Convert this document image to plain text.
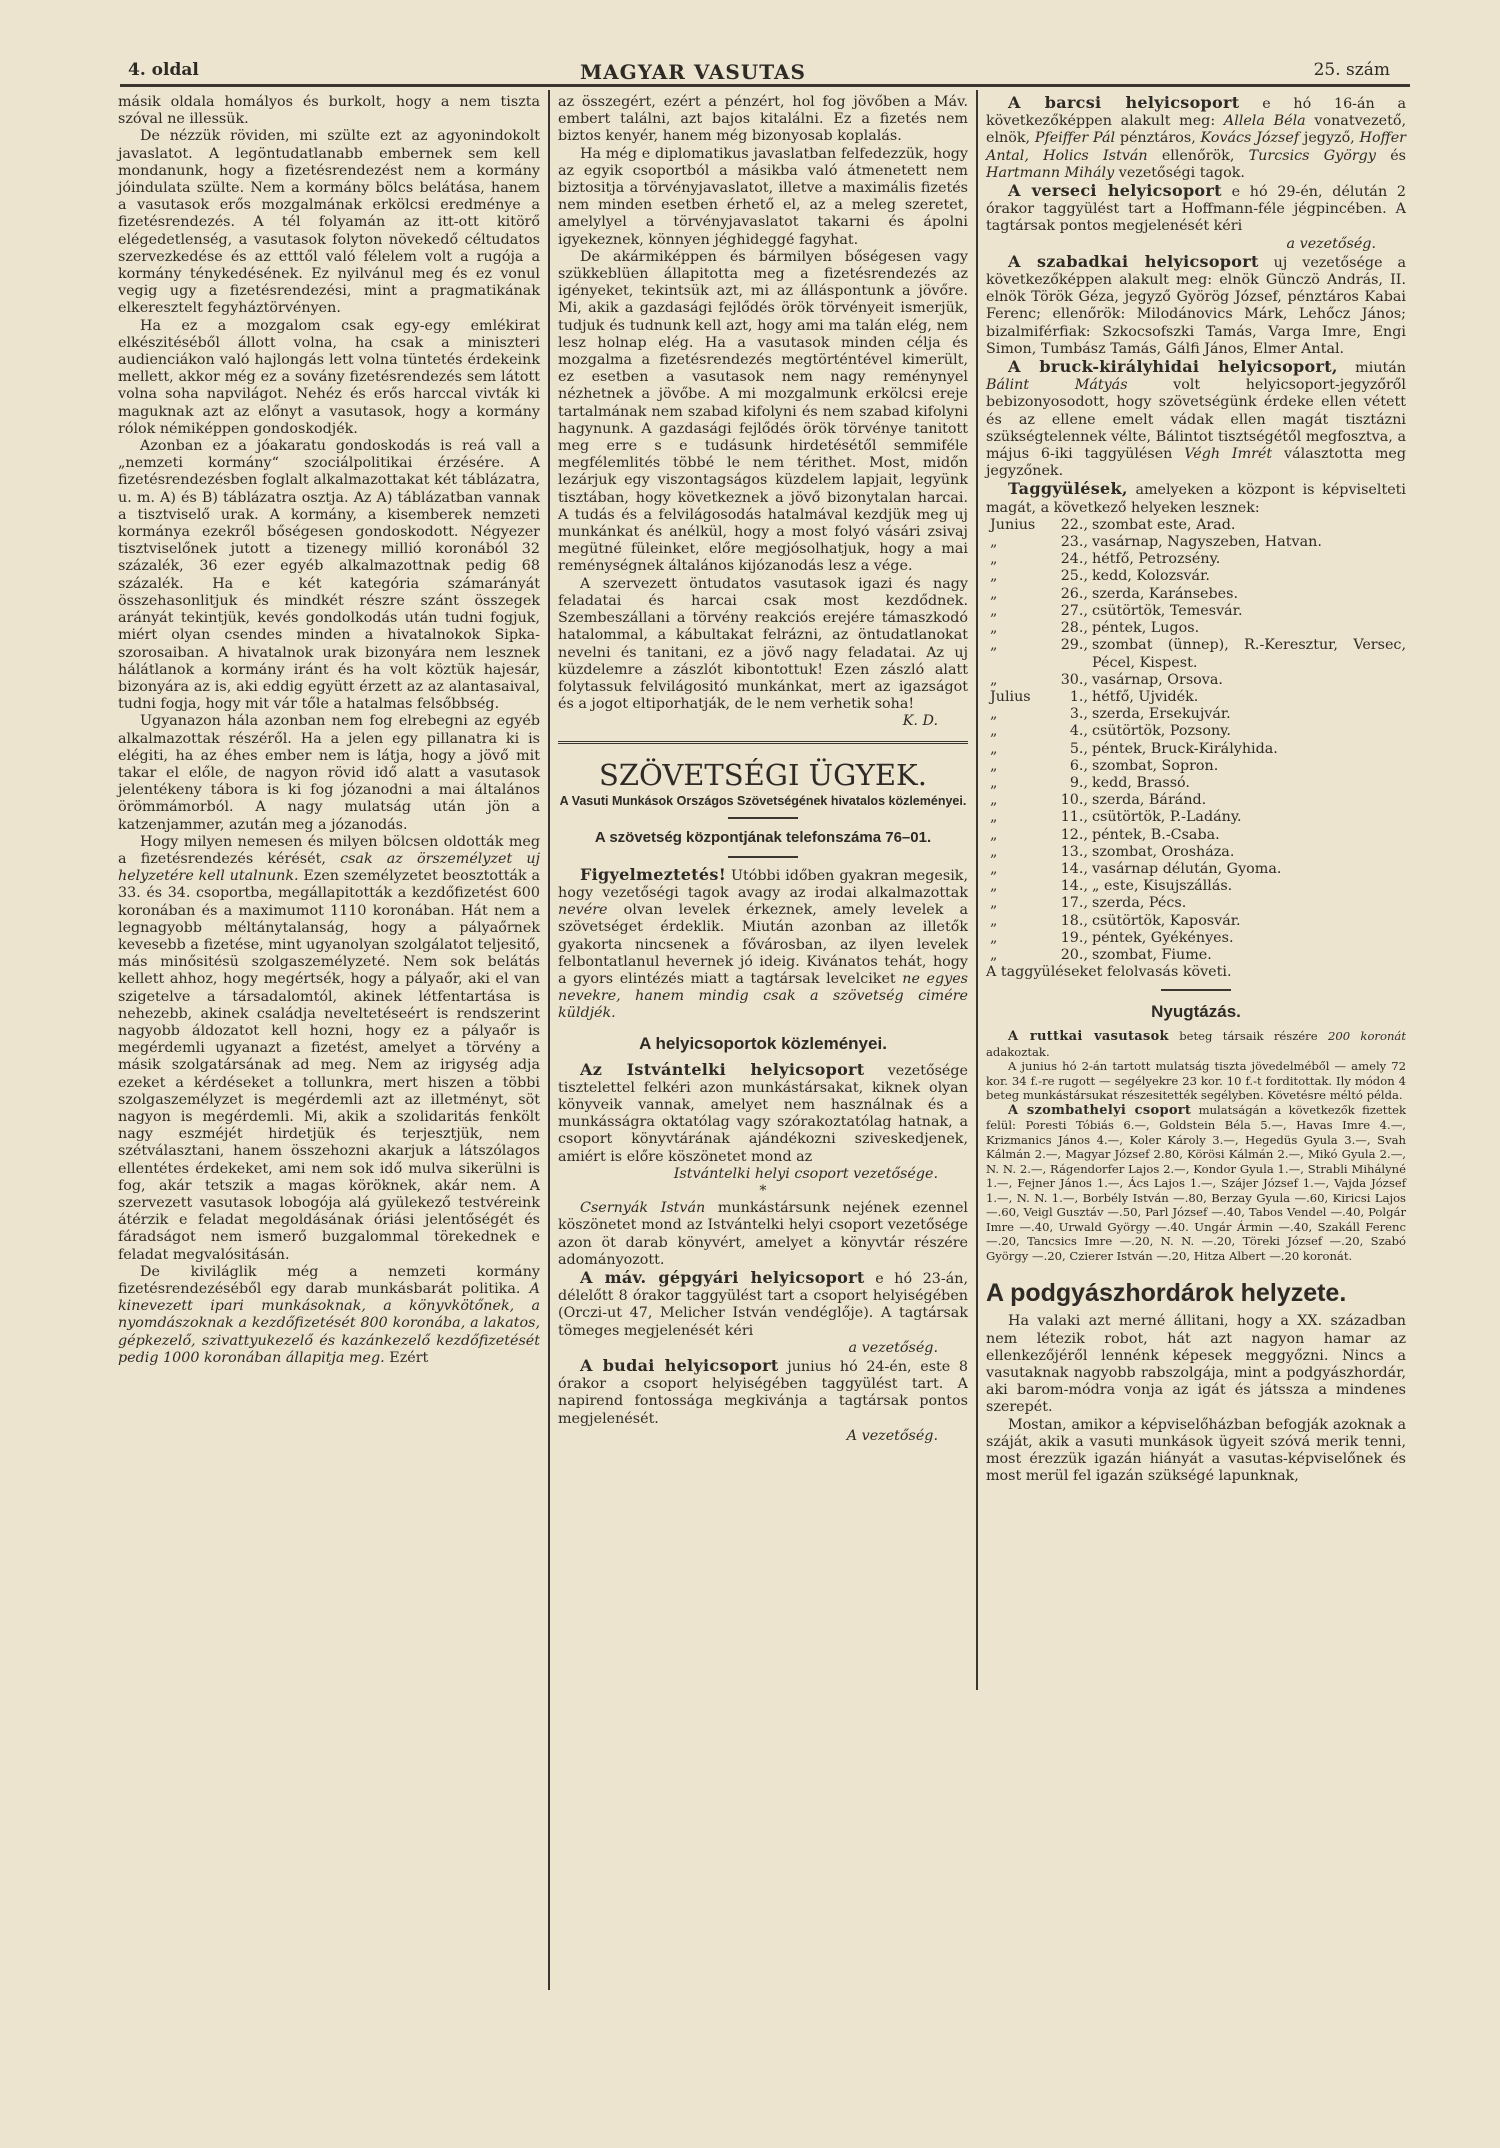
4. oldal	MAGYAR VASUTAS	25. szám

másik oldala homályos és burkolt, hogy a nem tiszta szóval ne illessük.

De nézzük röviden, mi szülte ezt az agyonindokolt javaslatot. A legöntudatlanabb embernek sem kell mondanunk, hogy a fizetésrendezést nem a kormány jóindulata szülte. Nem a kormány bölcs belátása, hanem a vasutasok erős mozgalmának erkölcsi eredménye a fizetésrendezés. A tél folyamán az itt-ott kitörő elégedetlenség, a vasutasok folyton növekedő céltudatos szervezkedése és az etttől való félelem volt a rugója a kormány ténykedésének. Ez nyilvánul meg és ez vonul vegig ugy a fizetésrendezési, mint a pragmatikának elkeresztelt fegyháztörvényen.

Ha ez a mozgalom csak egy-egy emlékirat elkészitéséből állott volna, ha csak a miniszteri audienciákon való hajlongás lett volna tüntetés érdekeink mellett, akkor még ez a sovány fizetésrendezés sem látott volna soha napvilágot. Nehéz és erős harccal vivták ki maguknak azt az előnyt a vasutasok, hogy a kormány rólok némiképpen gondoskodjék.

Azonban ez a jóakaratu gondoskodás is reá vall a „nemzeti kormány“ szociálpolitikai érzésére. A fizetésrendezésben foglalt alkalmazottakat két táblázatra, u. m. A) és B) táblázatra osztja. Az A) táblázatban vannak a tisztviselő urak. A kormány, a kisemberek nemzeti kormánya ezekről bőségesen gondoskodott. Négyezer tisztviselőnek jutott a tizenegy millió koronából 32 százalék, 36 ezer egyéb alkalmazottnak pedig 68 százalék. Ha e két kategória számarányát összehasonlitjuk és mindkét részre szánt összegek arányát tekintjük, kevés gondolkodás után tudni fogjuk, miért olyan csendes minden a hivatalnokok Sipka-szorosaiban. A hivatalnok urak bizonyára nem lesznek hálátlanok a kormány iránt és ha volt köztük hajesár, bizonyára az is, aki eddig együtt érzett az az alantasaival, tudni fogja, hogy mit vár tőle a hatalmas felsőbbség.

Ugyanazon hála azonban nem fog elrebegni az egyéb alkalmazottak részéről. Ha a jelen egy pillanatra ki is elégiti, ha az éhes ember nem is látja, hogy a jövő mit takar el előle, de nagyon rövid idő alatt a vasutasok jelentékeny tábora is ki fog józanodni a mai általános örömmámorból. A nagy mulatság után jön a katzenjammer, azután meg a józanodás.

Hogy milyen nemesen és milyen bölcsen oldották meg a fizetésrendezés kérését, csak az örszemélyzet uj helyzetére kell utalnunk. Ezen személyzetet beosztották a 33. és 34. csoportba, megállapitották a kezdőfizetést 600 koronában és a maximumot 1110 koronában. Hát nem a legnagyobb méltánytalanság, hogy a pályaőrnek kevesebb a fizetése, mint ugyanolyan szolgálatot teljesitő, más minősitésü szolgaszemélyzeté. Nem sok belátás kellett ahhoz, hogy megértsék, hogy a pályaőr, aki el van szigetelve a társadalomtól, akinek létfentartása is nehezebb, akinek családja neveltetéseért is rendszerint nagyobb áldozatot kell hozni, hogy ez a pályaőr is megérdemli ugyanazt a fizetést, amelyet a törvény a másik szolgatársának ad meg. Nem az irigység adja ezeket a kérdéseket a tollunkra, mert hiszen a többi szolgaszemélyzet is megérdemli azt az illetményt, söt nagyon is megérdemli. Mi, akik a szolidaritás fenkölt nagy eszméjét hirdetjük és terjesztjük, nem szétválasztani, hanem összehozni akarjuk a látszólagos ellentétes érdekeket, ami nem sok idő mulva sikerülni is fog, akár tetszik a magas köröknek, akár nem. A szervezett vasutasok lobogója alá gyülekező testvéreink átérzik e feladat megoldásának óriási jelentőségét és fáradságot nem ismerő buzgalommal törekednek e feladat megvalósitásán.

De kiviláglik még a nemzeti kormány fizetésrendezéséből egy darab munkásbarát politika. A kinevezett ipari munkásoknak, a könyvkötőnek, a nyomdászoknak a kezdőfizetését 800 koronába, a lakatos, gépkezelő, szivattyukezelő és kazánkezelő kezdőfizetését pedig 1000 koronában állapitja meg. Ezért

az összegért, ezért a pénzért, hol fog jövőben a Máv. embert találni, azt bajos kitalálni. Ez a fizetés nem biztos kenyér, hanem még bizonyosab koplalás.

Ha még e diplomatikus javaslatban felfedezzük, hogy az egyik csoportból a másikba való átmenetett nem biztositja a törvényjavaslatot, illetve a maximális fizetés nem minden esetben érhető el, az a meleg szeretet, amelylyel a törvényjavaslatot takarni és ápolni igyekeznek, könnyen jéghideggé fagyhat.

De akármiképpen és bármilyen bőségesen vagy szükkeblüen állapitotta meg a fizetésrendezés az igényeket, tekintsük azt, mi az álláspontunk a jövőre. Mi, akik a gazdasági fejlődés örök törvényeit ismerjük, tudjuk és tudnunk kell azt, hogy ami ma talán elég, nem lesz holnap elég. Ha a vasutasok minden célja és mozgalma a fizetésrendezés megtörténtével kimerült, ez esetben a vasutasok nem nagy reménynyel nézhetnek a jövőbe. A mi mozgalmunk erkölcsi ereje tartalmának nem szabad kifolyni és nem szabad kifolyni hagynunk. A gazdasági fejlődés örök törvénye tanitott meg erre s e tudásunk hirdetésétől semmiféle megfélemlités többé le nem térithet. Most, midőn lezárjuk egy viszontagságos küzdelem lapjait, legyünk tisztában, hogy következnek a jövő bizonytalan harcai. A tudás és a felvilágosodás hatalmával kezdjük meg uj munkánkat és anélkül, hogy a most folyó vásári zsivaj megütné füleinket, előre megjósolhatjuk, hogy a mai reménységnek általános kijózanodás lesz a vége.

A szervezett öntudatos vasutasok igazi és nagy feladatai és harcai csak most kezdődnek. Szembeszállani a törvény reakciós erejére támaszkodó hatalommal, a kábultakat felrázni, az öntudatlanokat nevelni és tanitani, ez a jövő nagy feladatai. Az uj küzdelemre a zászlót kibontottuk! Ezen zászló alatt folytassuk felvilágositó munkánkat, mert az igazságot és a jogot eltiporhatják, de le nem verhetik soha!
K. D.

SZÖVETSÉGI ÜGYEK.
A Vasuti Munkások Országos Szövetségének hivatalos közleményei.
A szövetség központjának telefonszáma 76–01.

Figyelmeztetés! Utóbbi időben gyakran megesik, hogy vezetőségi tagok avagy az irodai alkalmazottak nevére olvan levelek érkeznek, amely levelek a szövetséget érdeklik. Miután azonban az illetők gyakorta nincsenek a fővárosban, az ilyen levelek felbontatlanul hevernek jó ideig. Kivánatos tehát, hogy a gyors elintézés miatt a tagtársak levelciket ne egyes nevekre, hanem mindig csak a szövetség cimére küldjék.

A helyicsoportok közleményei.

Az Istvántelki helyicsoport vezetősége tisztelettel felkéri azon munkástársakat, kiknek olyan könyveik vannak, amelyet nem használnak és a munkásságra oktatólag vagy szórakoztatólag hatnak, a csoport könyvtárának ajándékozni sziveskedjenek, amiért is előre köszönetet mond az
Istvántelki helyi csoport vezetősége.

*

Csernyák István munkástársunk nejének ezennel köszönetet mond az Istvántelki helyi csoport vezetősége azon öt darab könyvért, amelyet a könyvtár részére adományozott.

A máv. gépgyári helyicsoport e hó 23-án, délelőtt 8 órakor taggyülést tart a csoport helyiségében (Orczi-ut 47, Melicher István vendéglője). A tagtársak tömeges megjelenését kéri
a vezetőség.

A budai helyicsoport junius hó 24-én, este 8 órakor a csoport helyiségében taggyülést tart. A napirend fontossága megkivánja a tagtársak pontos megjelenését.
A vezetőség.

A barcsi helyicsoport e hó 16-án a következőképpen alakult meg: Allela Béla vonatvezető, elnök, Pfeiffer Pál pénztáros, Kovács József jegyző, Hoffer Antal, Holics István ellenőrök, Turcsics György és Hartmann Mihály vezetőségi tagok.

A verseci helyicsoport e hó 29-én, délután 2 órakor taggyülést tart a Hoffmann-féle jégpincében. A tagtársak pontos megjelenését kéri
a vezetőség.

A szabadkai helyicsoport uj vezetősége a következőképpen alakult meg: elnök Günczö András, II. elnök Török Géza, jegyző Györög József, pénztáros Kabai Ferenc; ellenőrök: Milodánovics Márk, Lehőcz János; bizalmiférfiak: Szkocsofszki Tamás, Varga Imre, Engi Simon, Tumbász Tamás, Gálfi János, Elmer Antal.

A bruck-királyhidai helyicsoport, miután Bálint Mátyás volt helyicsoport-jegyzőről bebizonyosodott, hogy szövetségünk érdeke ellen vétett és az ellene emelt vádak ellen magát tisztázni szükségtelennek vélte, Bálintot tisztségétől megfosztva, a május 6-iki taggyülésen Végh Imrét választotta meg jegyzőnek.

Taggyülések, amelyeken a központ is képviselteti magát, a következő helyeken lesznek:

Junius	22., szombat este, Arad.
„	23., vasárnap, Nagyszeben, Hatvan.
„	24., hétfő, Petrozsény.
„	25., kedd, Kolozsvár.
„	26., szerda, Karánsebes.
„	27., csütörtök, Temesvár.
„	28., péntek, Lugos.
„	29., szombat (ünnep), R.-Keresztur, Versec, Pécel, Kispest.
„	30., vasárnap, Orsova.
Julius	1., hétfő, Ujvidék.
„	3., szerda, Ersekujvár.
„	4., csütörtök, Pozsony.
„	5., péntek, Bruck-Királyhida.
„	6., szombat, Sopron.
„	9., kedd, Brassó.
„	10., szerda, Báránd.
„	11., csütörtök, P.-Ladány.
„	12., péntek, B.-Csaba.
„	13., szombat, Orosháza.
„	14., vasárnap délután, Gyoma.
„	14., „ este, Kisujszállás.
„	17., szerda, Pécs.
„	18., csütörtök, Kaposvár.
„	19., péntek, Gyékényes.
„	20., szombat, Fiume.

A taggyüléseket felolvasás követi.

Nyugtázás.

A ruttkai vasutasok beteg társaik részére 200 koronát adakoztak.

A junius hó 2-án tartott mulatság tiszta jövedelméből — amely 72 kor. 34 f.-re rugott — segélyekre 23 kor. 10 f.-t forditottak. Ily módon 4 beteg munkástársukat részesitették segélyben. Követésre méltó példa.

A szombathelyi csoport mulatságán a következők fizettek felül: Poresti Tóbiás 6.—, Goldstein Béla 5.—, Havas Imre 4.—, Krizmanics János 4.—, Koler Károly 3.—, Hegedüs Gyula 3.—, Svah Kálmán 2.—, Magyar József 2.80, Körösi Kálmán 2.—, Mikó Gyula 2.—, N. N. 2.—, Rágendorfer Lajos 2.—, Kondor Gyula 1.—, Strabli Mihályné 1.—, Fejner János 1.—, Ács Lajos 1.—, Szájer József 1.—, Vajda József 1.—, N. N. 1.—, Borbély István —.80, Berzay Gyula —.60, Kiricsi Lajos —.60, Veigl Gusztáv —.50, Parl József —.40, Tabos Vendel —.40, Polgár Imre —.40, Urwald György —.40. Ungár Ármin —.40, Szakáll Ferenc —.20, Tancsics Imre —.20, N. N. —.20, Töreki József —.20, Szabó György —.20, Czierer István —.20, Hitza Albert —.20 koronát.

A podgyászhordárok helyzete.

Ha valaki azt merné állitani, hogy a XX. században nem létezik robot, hát azt nagyon hamar az ellenkezőjéről lennénk képesek meggyőzni. Nincs a vasutaknak nagyobb rabszolgája, mint a podgyászhordár, aki barom-módra vonja az igát és játssza a mindenes szerepét.

Mostan, amikor a képviselőházban befogják azoknak a száját, akik a vasuti munkások ügyeit szóvá merik tenni, most érezzük igazán hiányát a vasutas-képviselőnek és most merül fel igazán szükségé lapunknak,
